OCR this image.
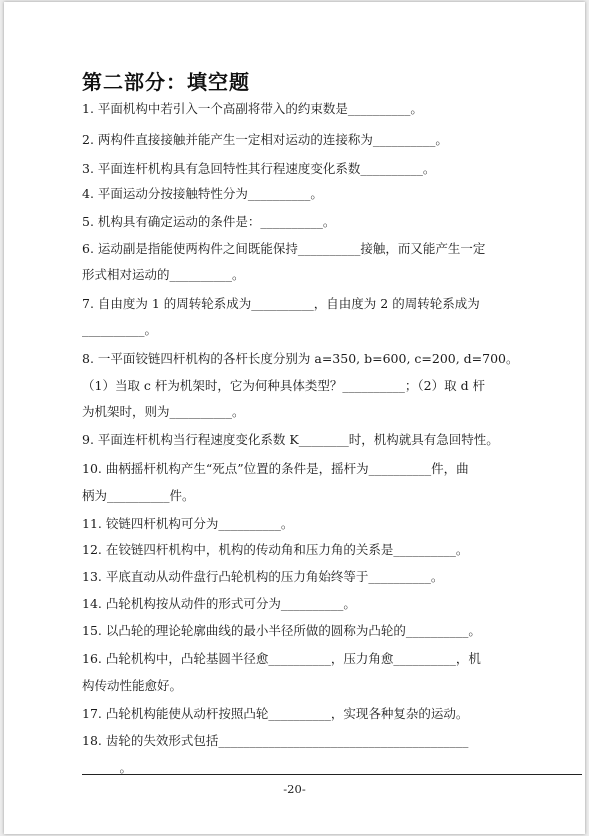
第二部分：填空题
1. 平面机构中若引入一个高副将带入的约束数是__________。
2. 两构件直接接触并能产生一定相对运动的连接称为__________。
3. 平面连杆机构具有急回特性其行程速度变化系数__________。
4. 平面运动分按接触特性分为__________。
5. 机构具有确定运动的条件是：__________。
6. 运动副是指能使两构件之间既能保持__________接触，而又能产生一定
形式相对运动的__________。
7. 自由度为 1 的周转轮系成为__________，自由度为 2 的周转轮系成为
__________。
8. 一平面铰链四杆机构的各杆长度分别为 a=350, b=600, c=200, d=700。
（1）当取 c 杆为机架时，它为何种具体类型？__________；（2）取 d 杆
为机架时，则为__________。
9. 平面连杆机构当行程速度变化系数 K________时，机构就具有急回特性。
10. 曲柄摇杆机构产生“死点”位置的条件是，摇杆为__________件，曲
柄为__________件。
11. 铰链四杆机构可分为__________。
12. 在铰链四杆机构中，机构的传动角和压力角的关系是__________。
13. 平底直动从动件盘行凸轮机构的压力角始终等于__________。
14. 凸轮机构按从动件的形式可分为__________。
15. 以凸轮的理论轮廓曲线的最小半径所做的圆称为凸轮的__________。
16. 凸轮机构中，凸轮基圆半径愈__________，压力角愈__________，机
构传动性能愈好。
17. 凸轮机构能使从动杆按照凸轮__________，实现各种复杂的运动。
18. 齿轮的失效形式包括________________________________________
______。
-20-
